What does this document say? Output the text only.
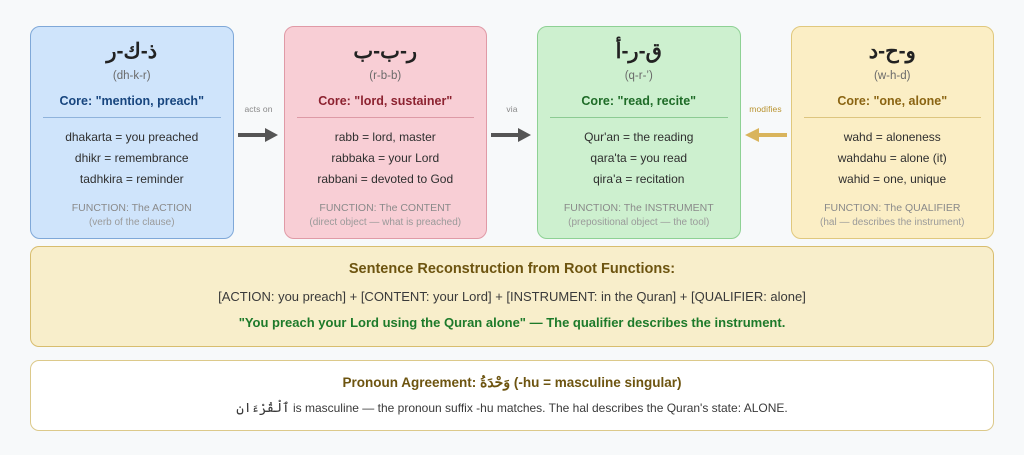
ذ-ك-ر
(dh-k-r)
Core: "mention, preach"
dhakarta = you preached
dhikr = remembrance
tadhkira = reminder
FUNCTION: The ACTION
(verb of the clause)
acts on
ر-ب-ب
(r-b-b)
Core: "lord, sustainer"
rabb = lord, master
rabbaka = your Lord
rabbani = devoted to God
FUNCTION: The CONTENT
(direct object — what is preached)
via
ق-ر-أ
(q-r-’)
Core: "read, recite"
Qur'an = the reading
qara'ta = you read
qira'a = recitation
FUNCTION: The INSTRUMENT
(prepositional object — the tool)
modifies
و-ح-د
(w-h-d)
Core: "one, alone"
wahd = aloneness
wahdahu = alone (it)
wahid = one, unique
FUNCTION: The QUALIFIER
(hal — describes the instrument)
Sentence Reconstruction from Root Functions:
[ACTION: you preach] + [CONTENT: your Lord] + [INSTRUMENT: in the Quran] + [QUALIFIER: alone]
"You preach your Lord using the Quran alone" — The qualifier describes the instrument.
Pronoun Agreement: وَحْدَةُ (-hu = masculine singular)
ٱلْقُرْءَان is masculine — the pronoun suffix -hu matches. The hal describes the Quran's state: ALONE.
